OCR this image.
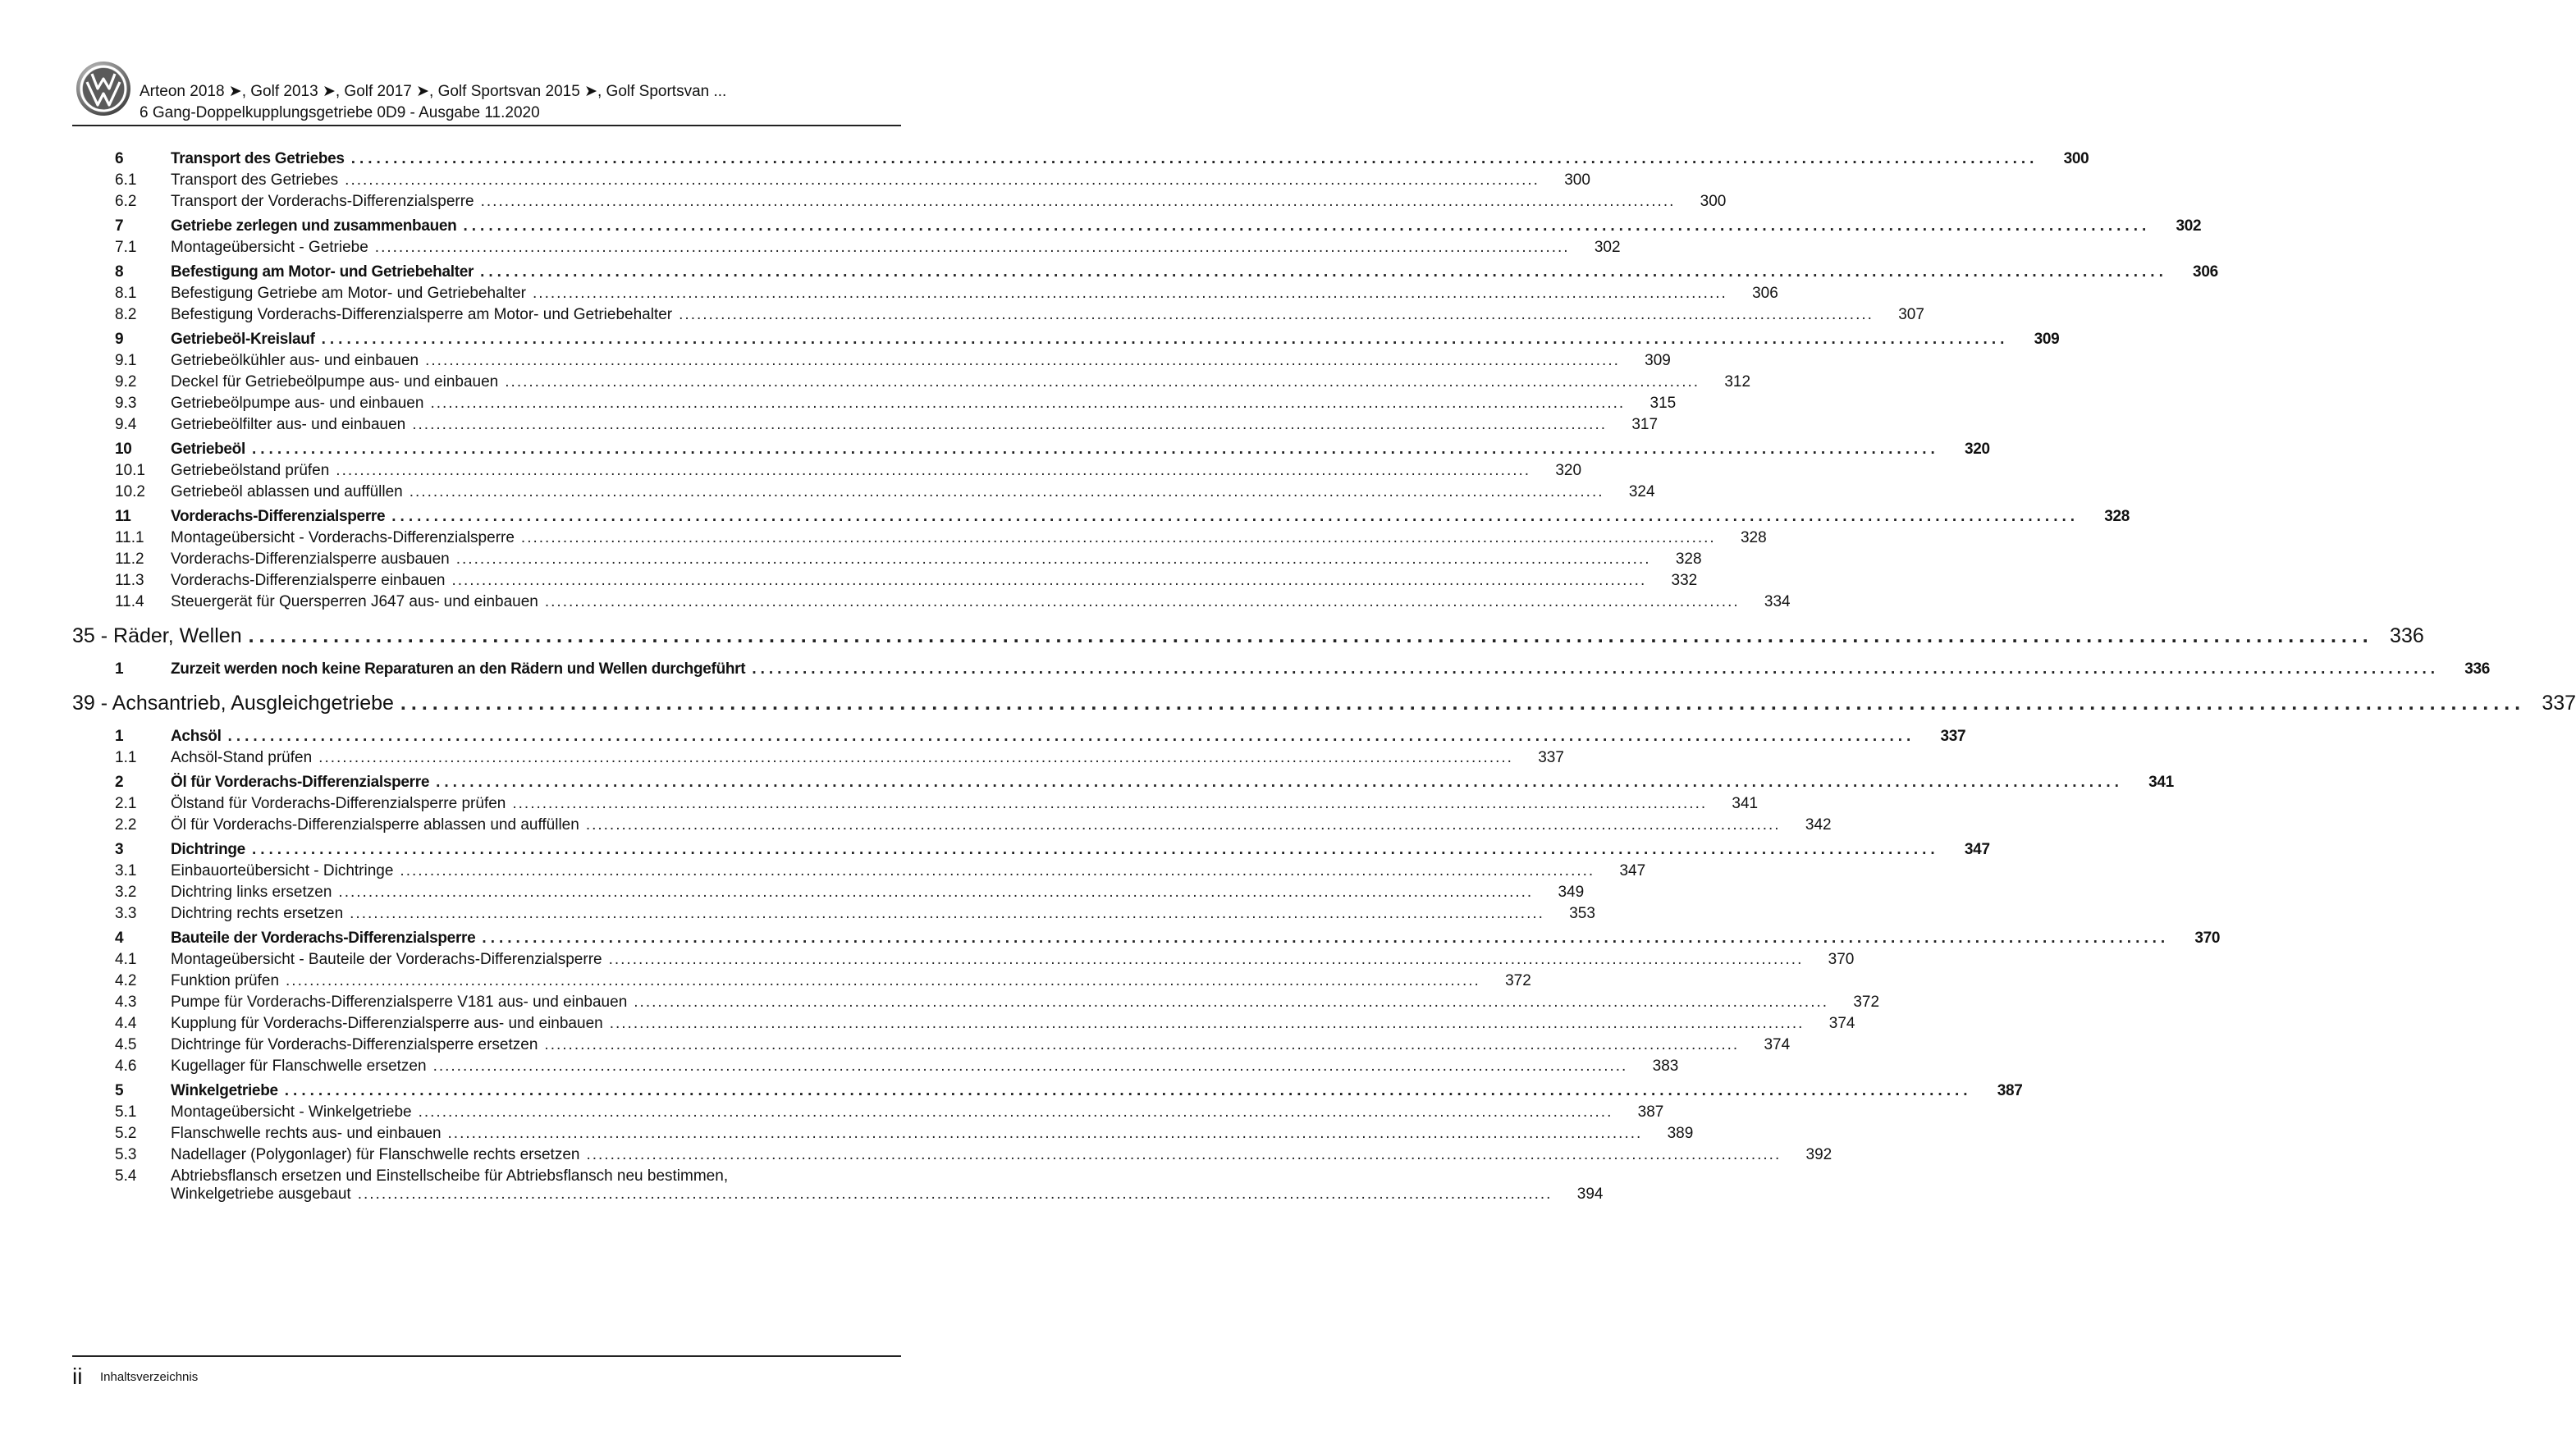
Arteon 2018 ➤, Golf 2013 ➤, Golf 2017 ➤, Golf Sportsvan 2015 ➤, Golf Sportsvan ...
6 Gang-Doppelkupplungsgetriebe 0D9 - Ausgabe 11.2020
6	Transport des Getriebes ........................................................................................................................................................................................................	300
6.1 Transport des Getriebes ........................................................................................................................................................................................................	300
6.2 Transport der Vorderachs-Differenzialsperre ........................................................................................................................................................................................................	300
7	Getriebe zerlegen und zusammenbauen ........................................................................................................................................................................................................	302
7.1 Montageübersicht - Getriebe ........................................................................................................................................................................................................	302
8	Befestigung am Motor- und Getriebehalter ........................................................................................................................................................................................................	306
8.1 Befestigung Getriebe am Motor- und Getriebehalter ........................................................................................................................................................................................................	306
8.2 Befestigung Vorderachs-Differenzialsperre am Motor- und Getriebehalter ........................................................................................................................................................................................................	307
9	Getriebeöl-Kreislauf ........................................................................................................................................................................................................	309
9.1 Getriebeölkühler aus- und einbauen ........................................................................................................................................................................................................	309
9.2 Deckel für Getriebeölpumpe aus- und einbauen ........................................................................................................................................................................................................	312
9.3 Getriebeölpumpe aus- und einbauen ........................................................................................................................................................................................................	315
9.4 Getriebeölfilter aus- und einbauen ........................................................................................................................................................................................................	317
10 Getriebeöl ........................................................................................................................................................................................................	320
10.1 Getriebeölstand prüfen ........................................................................................................................................................................................................	320
10.2 Getriebeöl ablassen und auffüllen ........................................................................................................................................................................................................	324
11	Vorderachs-Differenzialsperre ........................................................................................................................................................................................................	328
11.1 Montageübersicht - Vorderachs-Differenzialsperre ........................................................................................................................................................................................................	328
11.2 Vorderachs-Differenzialsperre ausbauen ........................................................................................................................................................................................................	328
11.3 Vorderachs-Differenzialsperre einbauen ........................................................................................................................................................................................................	332
11.4 Steuergerät für Quersperren J647 aus- und einbauen ........................................................................................................................................................................................................	334
35 - Räder, Wellen ........................................................................................................................................................................................................ 336
1	Zurzeit werden noch keine Reparaturen an den Rädern und Wellen durchgeführt ........................................................................................................................................................................................................	336
39 - Achsantrieb, Ausgleichgetriebe ........................................................................................................................................................................................................ 337
1	Achsöl ........................................................................................................................................................................................................	337
1.1 Achsöl-Stand prüfen ........................................................................................................................................................................................................	337
2	Öl für Vorderachs-Differenzialsperre ........................................................................................................................................................................................................	341
2.1 Ölstand für Vorderachs-Differenzialsperre prüfen ........................................................................................................................................................................................................	341
2.2 Öl für Vorderachs-Differenzialsperre ablassen und auffüllen ........................................................................................................................................................................................................	342
3	Dichtringe ........................................................................................................................................................................................................	347
3.1 Einbauorteübersicht - Dichtringe ........................................................................................................................................................................................................	347
3.2 Dichtring links ersetzen ........................................................................................................................................................................................................	349
3.3 Dichtring rechts ersetzen ........................................................................................................................................................................................................	353
4	Bauteile der Vorderachs-Differenzialsperre ........................................................................................................................................................................................................	370
4.1 Montageübersicht - Bauteile der Vorderachs-Differenzialsperre ........................................................................................................................................................................................................	370
4.2 Funktion prüfen ........................................................................................................................................................................................................	372
4.3 Pumpe für Vorderachs-Differenzialsperre V181 aus- und einbauen ........................................................................................................................................................................................................	372
4.4 Kupplung für Vorderachs-Differenzialsperre aus- und einbauen ........................................................................................................................................................................................................	374
4.5 Dichtringe für Vorderachs-Differenzialsperre ersetzen ........................................................................................................................................................................................................	374
4.6 Kugellager für Flanschwelle ersetzen ........................................................................................................................................................................................................	383
5	Winkelgetriebe ........................................................................................................................................................................................................	387
5.1 Montageübersicht - Winkelgetriebe ........................................................................................................................................................................................................	387
5.2 Flanschwelle rechts aus- und einbauen ........................................................................................................................................................................................................	389
5.3 Nadellager (Polygonlager) für Flanschwelle rechts ersetzen ........................................................................................................................................................................................................	392
5.4 Abtriebsflansch ersetzen und Einstellscheibe für Abtriebsflansch neu bestimmen,
Winkelgetriebe ausgebaut ........................................................................................................................................................................................................	394
ii Inhaltsverzeichnis
